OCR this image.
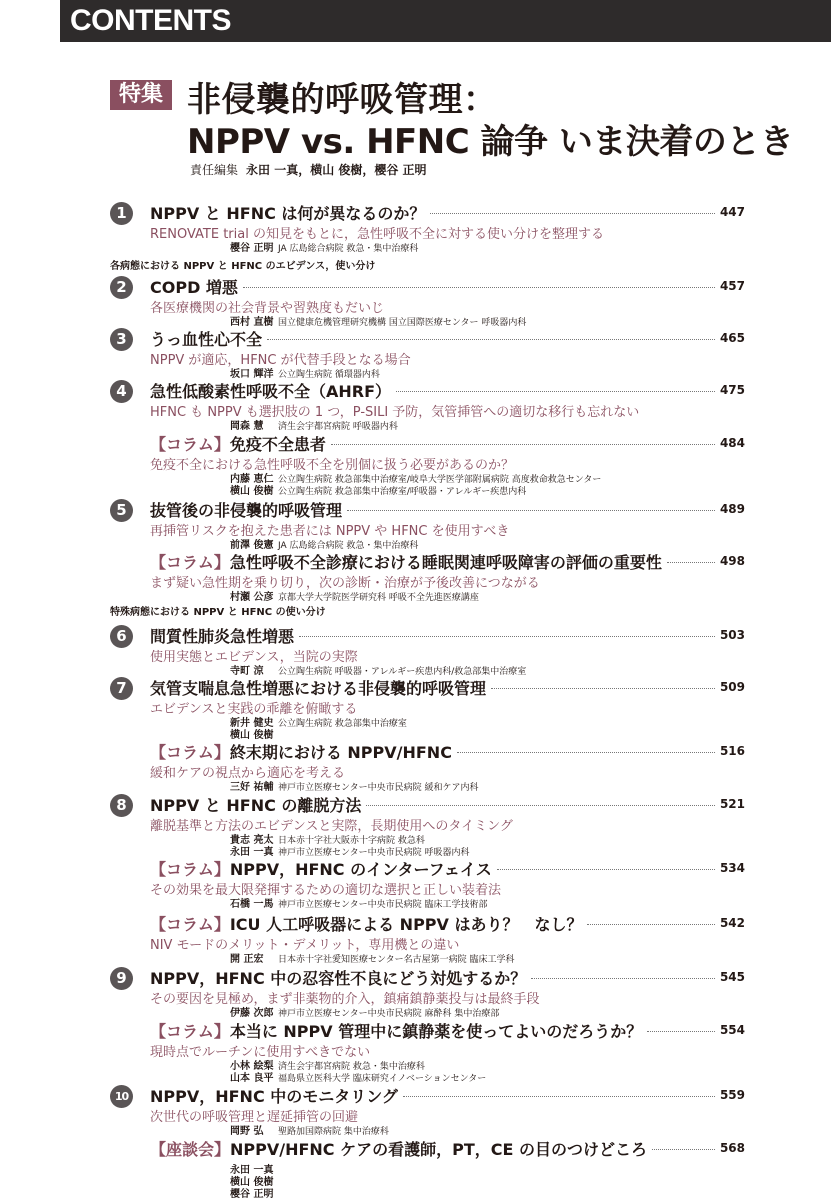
CONTENTS
特集 非侵襲的呼吸管理：
NPPV vs. HFNC 論争 いま決着のとき
責任編集 永田 一真，横山 俊樹，櫻谷 正明
各病態における NPPV と HFNC のエビデンス，使い分け
特殊病態における NPPV と HFNC の使い分け
1	NPPV と HFNC は何が異なるのか？	447
RENOVATE trial の知見をもとに，急性呼吸不全に対する使い分けを整理する
櫻谷 正明 JA 広島総合病院 救急・集中治療科
2	COPD 増悪	457
各医療機関の社会背景や習熟度もだいじ
西村 直樹 国立健康危機管理研究機構 国立国際医療センター 呼吸器内科
3	うっ血性心不全	465
NPPV が適応，HFNC が代替手段となる場合
坂口 輝洋 公立陶生病院 循環器内科
4	急性低酸素性呼吸不全（AHRF）	475
HFNC も NPPV も選択肢の 1 つ，P-SILI 予防，気管挿管への適切な移行も忘れない
岡森 慧 済生会宇都宮病院 呼吸器内科
【コラム】免疫不全患者	484
免疫不全における急性呼吸不全を別個に扱う必要があるのか？
内藤 恵仁 公立陶生病院 救急部集中治療室/岐阜大学医学部附属病院 高度救命救急センター
横山 俊樹 公立陶生病院 救急部集中治療室/呼吸器・アレルギー疾患内科
5	抜管後の非侵襲的呼吸管理	489
再挿管リスクを抱えた患者には NPPV や HFNC を使用すべき
前澤 俊憲 JA 広島総合病院 救急・集中治療科
【コラム】急性呼吸不全診療における睡眠関連呼吸障害の評価の重要性	498
まず疑い急性期を乗り切り，次の診断・治療が予後改善につながる
村瀬 公彦 京都大学大学院医学研究科 呼吸不全先進医療講座
6	間質性肺炎急性増悪	503
使用実態とエビデンス，当院の実際
寺町 涼 公立陶生病院 呼吸器・アレルギー疾患内科/救急部集中治療室
7	気管支喘息急性増悪における非侵襲的呼吸管理	509
エビデンスと実践の乖離を俯瞰する
新井 健史 公立陶生病院 救急部集中治療室
横山 俊樹
【コラム】終末期における NPPV/HFNC	516
緩和ケアの視点から適応を考える
三好 祐輔 神戸市立医療センター中央市民病院 緩和ケア内科
8	NPPV と HFNC の離脱方法	521
離脱基準と方法のエビデンスと実際，長期使用へのタイミング
貴志 亮太 日本赤十字社大阪赤十字病院 救急科
永田 一真 神戸市立医療センター中央市民病院 呼吸器内科
【コラム】NPPV，HFNC のインターフェイス	534
その効果を最大限発揮するための適切な選択と正しい装着法
石橋 一馬 神戸市立医療センター中央市民病院 臨床工学技術部
【コラム】ICU 人工呼吸器による NPPV はあり？　なし？	542
NIV モードのメリット・デメリット，専用機との違い
開 正宏 日本赤十字社愛知医療センター名古屋第一病院 臨床工学科
9	NPPV，HFNC 中の忍容性不良にどう対処するか？	545
その要因を見極め，まず非薬物的介入，鎮痛鎮静薬投与は最終手段
伊藤 次郎 神戸市立医療センター中央市民病院 麻酔科 集中治療部
【コラム】本当に NPPV 管理中に鎮静薬を使ってよいのだろうか？	554
現時点でルーチンに使用すべきでない
小林 絵梨 済生会宇都宮病院 救急・集中治療科
山本 良平 福島県立医科大学 臨床研究イノベーションセンター
10	NPPV，HFNC 中のモニタリング	559
次世代の呼吸管理と遅延挿管の回避
岡野 弘 聖路加国際病院 集中治療科
【座談会】NPPV/HFNC ケアの看護師，PT，CE の目のつけどころ	568
永田 一真
横山 俊樹
櫻谷 正明
